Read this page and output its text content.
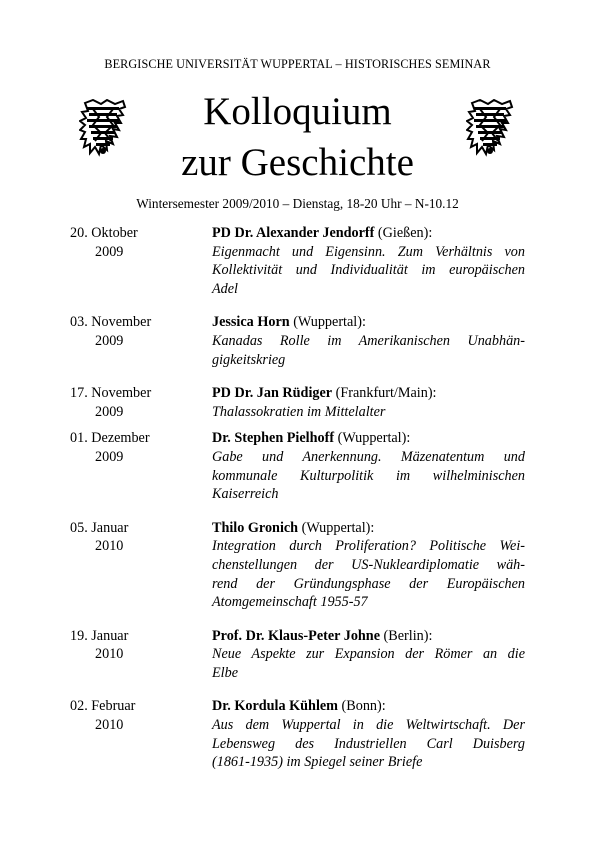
BERGISCHE UNIVERSITÄT WUPPERTAL – HISTORISCHES SEMINAR
Kolloquium
zur Geschichte
Wintersemester 2009/2010 – Dienstag, 18-20 Uhr – N-10.12
20. Oktober
2009
PD Dr. Alexander Jendorff (Gießen):
Eigenmacht und Eigensinn. Zum Verhältnis von
Kollektivität und Individualität im europäischen
Adel
03. November
2009
Jessica Horn (Wuppertal):
Kanadas Rolle im Amerikanischen Unabhän-
gigkeitskrieg
17. November
2009
PD Dr. Jan Rüdiger (Frankfurt/Main):
Thalassokratien im Mittelalter
01. Dezember
2009
Dr. Stephen Pielhoff (Wuppertal):
Gabe und Anerkennung. Mäzenatentum und
kommunale Kulturpolitik im wilhelminischen
Kaiserreich
05. Januar
2010
Thilo Gronich (Wuppertal):
Integration durch Proliferation? Politische Wei-
chenstellungen der US-Nukleardiplomatie wäh-
rend der Gründungsphase der Europäischen
Atomgemeinschaft 1955-57
19. Januar
2010
Prof. Dr. Klaus-Peter Johne (Berlin):
Neue Aspekte zur Expansion der Römer an die
Elbe
02. Februar
2010
Dr. Kordula Kühlem (Bonn):
Aus dem Wuppertal in die Weltwirtschaft. Der
Lebensweg des Industriellen Carl Duisberg
(1861-1935) im Spiegel seiner Briefe
